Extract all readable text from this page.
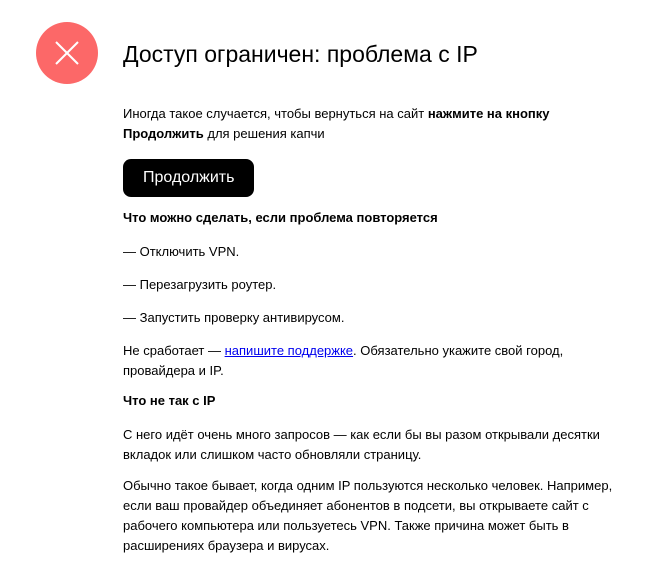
Доступ ограничен: проблема с IP

Иногда такое случается, чтобы вернуться на сайт нажмите на кнопку Продолжить для решения капчи

Продолжить

Что можно сделать, если проблема повторяется

— Отключить VPN.

— Перезагрузить роутер.

— Запустить проверку антивирусом.

Не сработает — напишите поддержке. Обязательно укажите свой город, провайдера и IP.

Что не так с IP

С него идёт очень много запросов — как если бы вы разом открывали десятки вкладок или слишком часто обновляли страницу.

Обычно такое бывает, когда одним IP пользуются несколько человек. Например, если ваш провайдер объединяет абонентов в подсети, вы открываете сайт с рабочего компьютера или пользуетесь VPN. Также причина может быть в расширениях браузера и вирусах.
